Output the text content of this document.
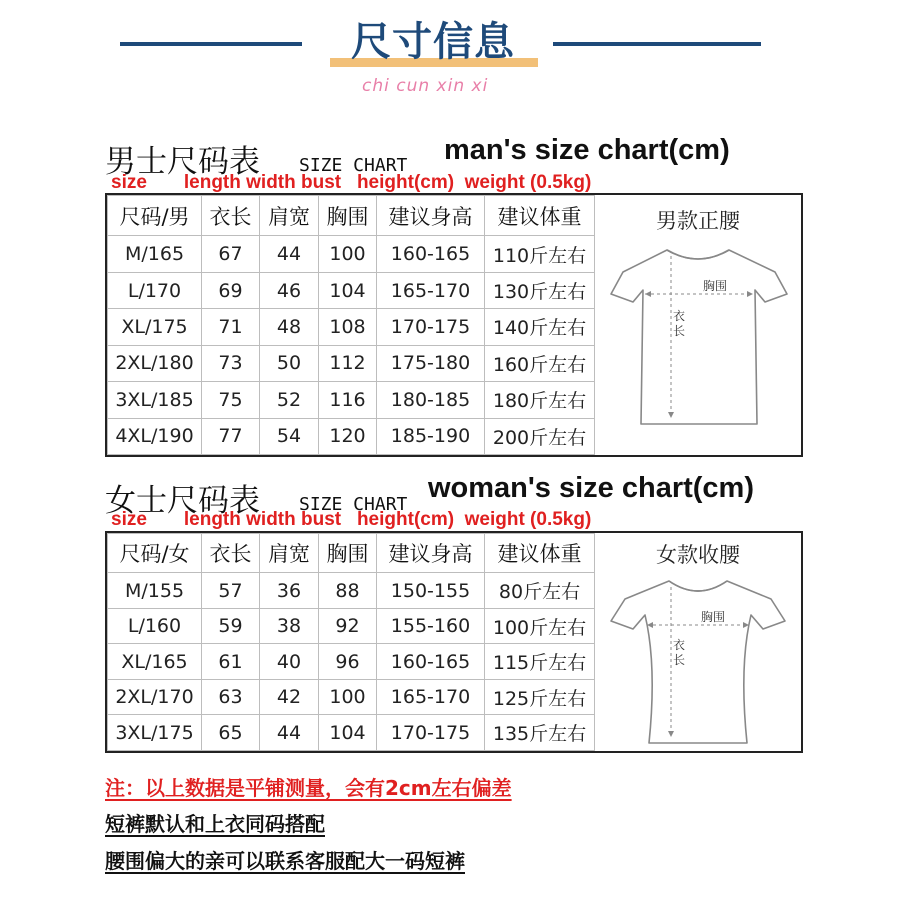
尺寸信息
chi cun xin xi
男士尺码表 SIZE CHART man's size chart(cm)
size       length width bust   height(cm)  weight (0.5kg)
尺码/男	衣长	肩宽	胸围	建议身高	建议体重
M/165	67	44	100	160-165	110斤左右
L/170	69	46	104	165-170	130斤左右
XL/175	71	48	108	170-175	140斤左右
2XL/180	73	50	112	175-180	160斤左右
3XL/185	75	52	116	180-185	180斤左右
4XL/190	77	54	120	185-190	200斤左右
男款正腰
胸围
衣
长
女士尺码表 SIZE CHART
woman's size chart(cm)
size       length width bust   height(cm)  weight (0.5kg)
尺码/女	衣长	肩宽	胸围	建议身高	建议体重
M/155	57	36	88	150-155	80斤左右
L/160	59	38	92	155-160	100斤左右
XL/165	61	40	96	160-165	115斤左右
2XL/170	63	42	100	165-170	125斤左右
3XL/175	65	44	104	170-175	135斤左右
女款收腰
胸围
衣
长
注：以上数据是平铺测量，会有2cm左右偏差
短裤默认和上衣同码搭配
腰围偏大的亲可以联系客服配大一码短裤
